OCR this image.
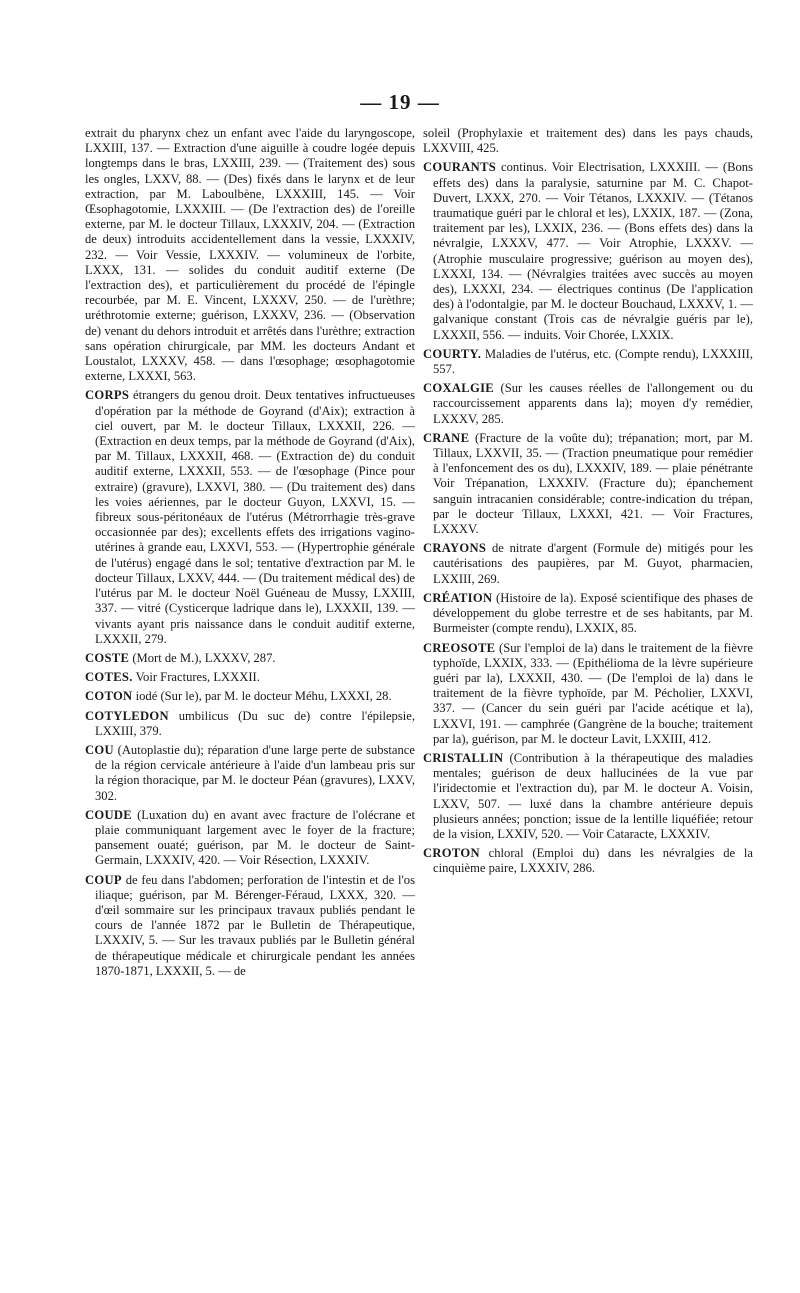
— 19 —

extrait du pharynx chez un enfant avec l'aide du laryngoscope, LXXIII, 137. — Extraction d'une aiguille à coudre logée depuis longtemps dans le bras, LXXIII, 239. — (Traitement des) sous les ongles, LXXV, 88. — (Des) fixés dans le larynx et de leur extraction, par M. Laboulbène, LXXXIII, 145. — Voir Œsophagotomie, LXXXIII. — (De l'extraction des) de l'oreille externe, par M. le docteur Tillaux, LXXXIV, 204. — (Extraction de deux) introduits accidentellement dans la vessie, LXXXIV, 232. — Voir Vessie, LXXXIV. — volumineux de l'orbite, LXXX, 131. — solides du conduit auditif externe (De l'extraction des), et particulièrement du procédé de l'épingle recourbée, par M. E. Vincent, LXXXV, 250. — de l'urèthre; uréthrotomie externe; guérison, LXXXV, 236. — (Observation de) venant du dehors introduit et arrêtés dans l'urèthre; extraction sans opération chirurgicale, par MM. les docteurs Andant et Loustalot, LXXXV, 458. — dans l'œsophage; œsophagotomie externe, LXXXI, 563.

CORPS étrangers du genou droit. Deux tentatives infructueuses d'opération par la méthode de Goyrand (d'Aix); extraction à ciel ouvert, par M. le docteur Tillaux, LXXXII, 226. — (Extraction en deux temps, par la méthode de Goyrand (d'Aix), par M. Tillaux, LXXXII, 468. — (Extraction de) du conduit auditif externe, LXXXII, 553. — de l'œsophage (Pince pour extraire) (gravure), LXXVI, 380. — (Du traitement des) dans les voies aériennes, par le docteur Guyon, LXXVI, 15. — fibreux sous-péritonéaux de l'utérus (Métrorrhagie très-grave occasionnée par des); excellents effets des irrigations vagino-utérines à grande eau, LXXVI, 553. — (Hypertrophie générale de l'utérus) engagé dans le sol; tentative d'extraction par M. le docteur Tillaux, LXXV, 444. — (Du traitement médical des) de l'utérus par M. le docteur Noël Guéneau de Mussy, LXXIII, 337. — vitré (Cysticerque ladrique dans le), LXXXII, 139. — vivants ayant pris naissance dans le conduit auditif externe, LXXXII, 279.

COSTE (Mort de M.), LXXXV, 287.

COTES. Voir Fractures, LXXXII.

COTON iodé (Sur le), par M. le docteur Méhu, LXXXI, 28.

COTYLEDON umbilicus (Du suc de) contre l'épilepsie, LXXIII, 379.

COU (Autoplastie du); réparation d'une large perte de substance de la région cervicale antérieure à l'aide d'un lambeau pris sur la région thoracique, par M. le docteur Péan (gravures), LXXV, 302.

COUDE (Luxation du) en avant avec fracture de l'olécrane et plaie communiquant largement avec le foyer de la fracture; pansement ouaté; guérison, par M. le docteur de Saint-Germain, LXXXIV, 420. — Voir Résection, LXXXIV.

COUP de feu dans l'abdomen; perforation de l'intestin et de l'os iliaque; guérison, par M. Bérenger-Féraud, LXXX, 320. — d'œil sommaire sur les principaux travaux publiés pendant le cours de l'année 1872 par le Bulletin de Thérapeutique, LXXXIV, 5. — Sur les travaux publiés par le Bulletin général de thérapeutique médicale et chirurgicale pendant les années 1870-1871, LXXXII, 5. — de

soleil (Prophylaxie et traitement des) dans les pays chauds, LXXVIII, 425.

COURANTS continus. Voir Electrisation, LXXXIII. — (Bons effets des) dans la paralysie, saturnine par M. C. Chapot-Duvert, LXXX, 270. — Voir Tétanos, LXXXIV. — (Tétanos traumatique guéri par le chloral et les), LXXIX, 187. — (Zona, traitement par les), LXXIX, 236. — (Bons effets des) dans la névralgie, LXXXV, 477. — Voir Atrophie, LXXXV. — (Atrophie musculaire progressive; guérison au moyen des), LXXXI, 134. — (Névralgies traitées avec succès au moyen des), LXXXI, 234. — électriques continus (De l'application des) à l'odontalgie, par M. le docteur Bouchaud, LXXXV, 1. — galvanique constant (Trois cas de névralgie guéris par le), LXXXII, 556. — induits. Voir Chorée, LXXIX.

COURTY. Maladies de l'utérus, etc. (Compte rendu), LXXXIII, 557.

COXALGIE (Sur les causes réelles de l'allongement ou du raccourcissement apparents dans la); moyen d'y remédier, LXXXV, 285.

CRANE (Fracture de la voûte du); trépanation; mort, par M. Tillaux, LXXVII, 35. — (Traction pneumatique pour remédier à l'enfoncement des os du), LXXXIV, 189. — plaie pénétrante Voir Trépanation, LXXXIV. (Fracture du); épanchement sanguin intracanien considérable; contre-indication du trépan, par le docteur Tillaux, LXXXI, 421. — Voir Fractures, LXXXV.

CRAYONS de nitrate d'argent (Formule de) mitigés pour les cautérisations des paupières, par M. Guyot, pharmacien, LXXIII, 269.

CRÉATION (Histoire de la). Exposé scientifique des phases de développement du globe terrestre et de ses habitants, par M. Burmeister (compte rendu), LXXIX, 85.

CREOSOTE (Sur l'emploi de la) dans le traitement de la fièvre typhoïde, LXXIX, 333. — (Epithélioma de la lèvre supérieure guéri par la), LXXXII, 430. — (De l'emploi de la) dans le traitement de la fièvre typhoïde, par M. Pécholier, LXXVI, 337. — (Cancer du sein guéri par l'acide acétique et la), LXXVI, 191. — camphrée (Gangrène de la bouche; traitement par la), guérison, par M. le docteur Lavit, LXXIII, 412.

CRISTALLIN (Contribution à la thérapeutique des maladies mentales; guérison de deux hallucinées de la vue par l'iridectomie et l'extraction du), par M. le docteur A. Voisin, LXXV, 507. — luxé dans la chambre antérieure depuis plusieurs années; ponction; issue de la lentille liquéfiée; retour de la vision, LXXIV, 520. — Voir Cataracte, LXXXIV.

CROTON chloral (Emploi du) dans les névralgies de la cinquième paire, LXXXIV, 286.
